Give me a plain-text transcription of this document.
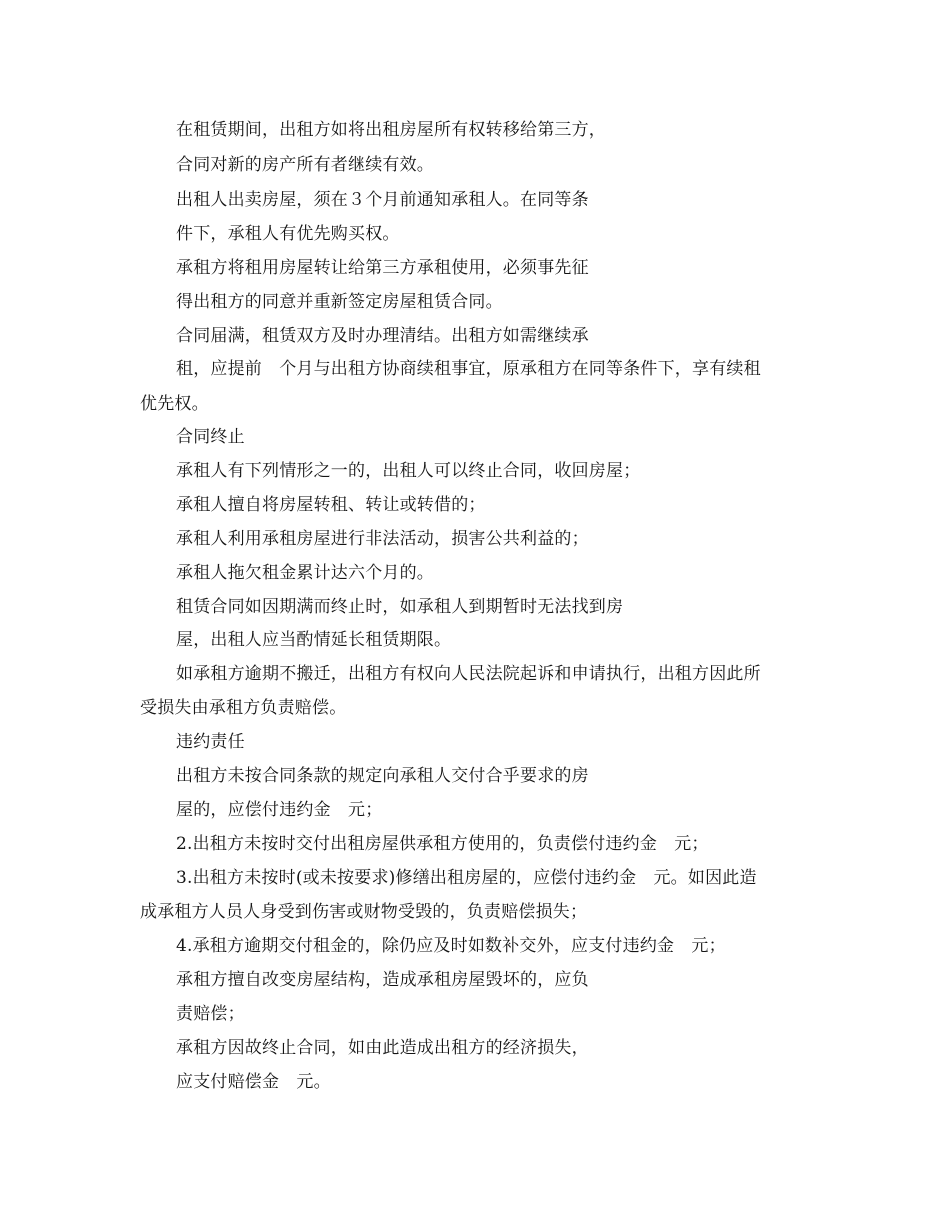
在租赁期间，出租方如将出租房屋所有权转移给第三方，
合同对新的房产所有者继续有效。
出租人出卖房屋，须在３个月前通知承租人。在同等条
件下，承租人有优先购买权。
承租方将租用房屋转让给第三方承租使用，必须事先征
得出租方的同意并重新签定房屋租赁合同。
合同届满，租赁双方及时办理清结。出租方如需继续承
租，应提前　个月与出租方协商续租事宜，原承租方在同等条件下，享有续租
优先权。
合同终止
承租人有下列情形之一的，出租人可以终止合同，收回房屋；
承租人擅自将房屋转租、转让或转借的；
承租人利用承租房屋进行非法活动，损害公共利益的；
承租人拖欠租金累计达六个月的。
租赁合同如因期满而终止时，如承租人到期暂时无法找到房
屋，出租人应当酌情延长租赁期限。
如承租方逾期不搬迁，出租方有权向人民法院起诉和申请执行，出租方因此所
受损失由承租方负责赔偿。
违约责任
出租方未按合同条款的规定向承租人交付合乎要求的房
屋的，应偿付违约金　元；
2.出租方未按时交付出租房屋供承租方使用的，负责偿付违约金　元；
3.出租方未按时(或未按要求)修缮出租房屋的，应偿付违约金　元。如因此造
成承租方人员人身受到伤害或财物受毁的，负责赔偿损失；
4.承租方逾期交付租金的，除仍应及时如数补交外，应支付违约金　元；
承租方擅自改变房屋结构，造成承租房屋毁坏的，应负
责赔偿；
承租方因故终止合同，如由此造成出租方的经济损失，
应支付赔偿金　元。
